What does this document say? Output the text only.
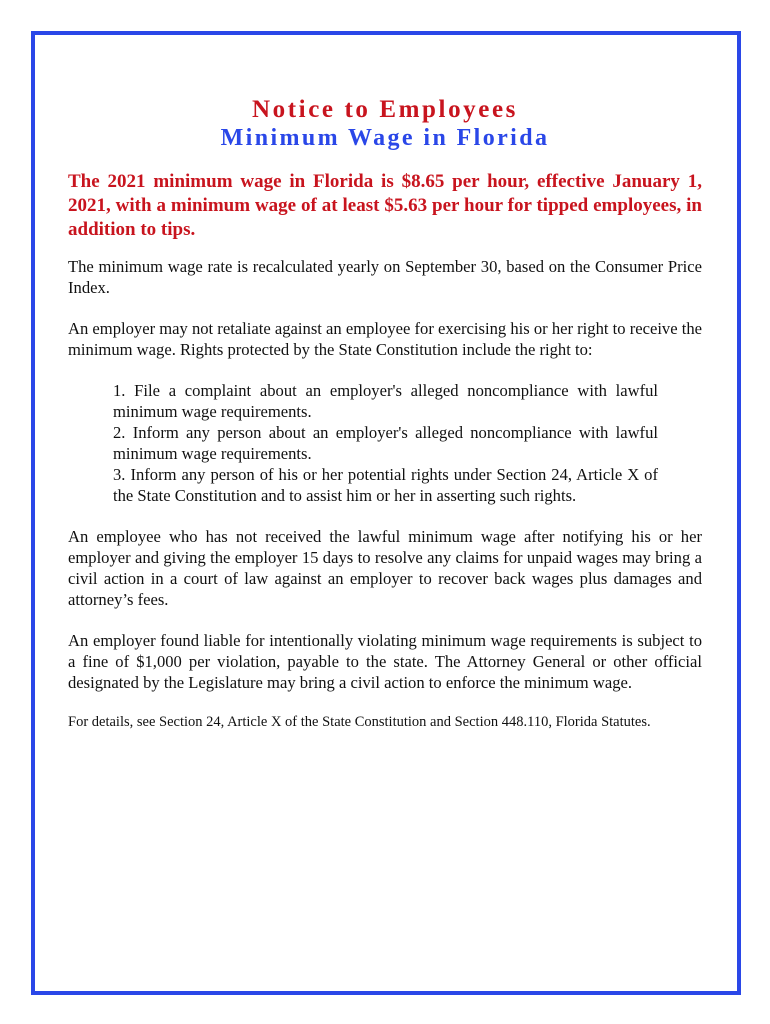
Notice to Employees
Minimum Wage in Florida

The 2021 minimum wage in Florida is $8.65 per hour, effective January 1, 2021, with a minimum wage of at least $5.63 per hour for tipped employees, in addition to tips.

The minimum wage rate is recalculated yearly on September 30, based on the Consumer Price Index.

An employer may not retaliate against an employee for exercising his or her right to receive the minimum wage. Rights protected by the State Constitution include the right to:

1. File a complaint about an employer's alleged noncompliance with lawful minimum wage requirements.
2. Inform any person about an employer's alleged noncompliance with lawful minimum wage requirements.
3. Inform any person of his or her potential rights under Section 24, Article X of the State Constitution and to assist him or her in asserting such rights.

An employee who has not received the lawful minimum wage after notifying his or her employer and giving the employer 15 days to resolve any claims for unpaid wages may bring a civil action in a court of law against an employer to recover back wages plus damages and attorney’s fees.

An employer found liable for intentionally violating minimum wage requirements is subject to a fine of $1,000 per violation, payable to the state. The Attorney General or other official designated by the Legislature may bring a civil action to enforce the minimum wage.

For details, see Section 24, Article X of the State Constitution and Section 448.110, Florida Statutes.
